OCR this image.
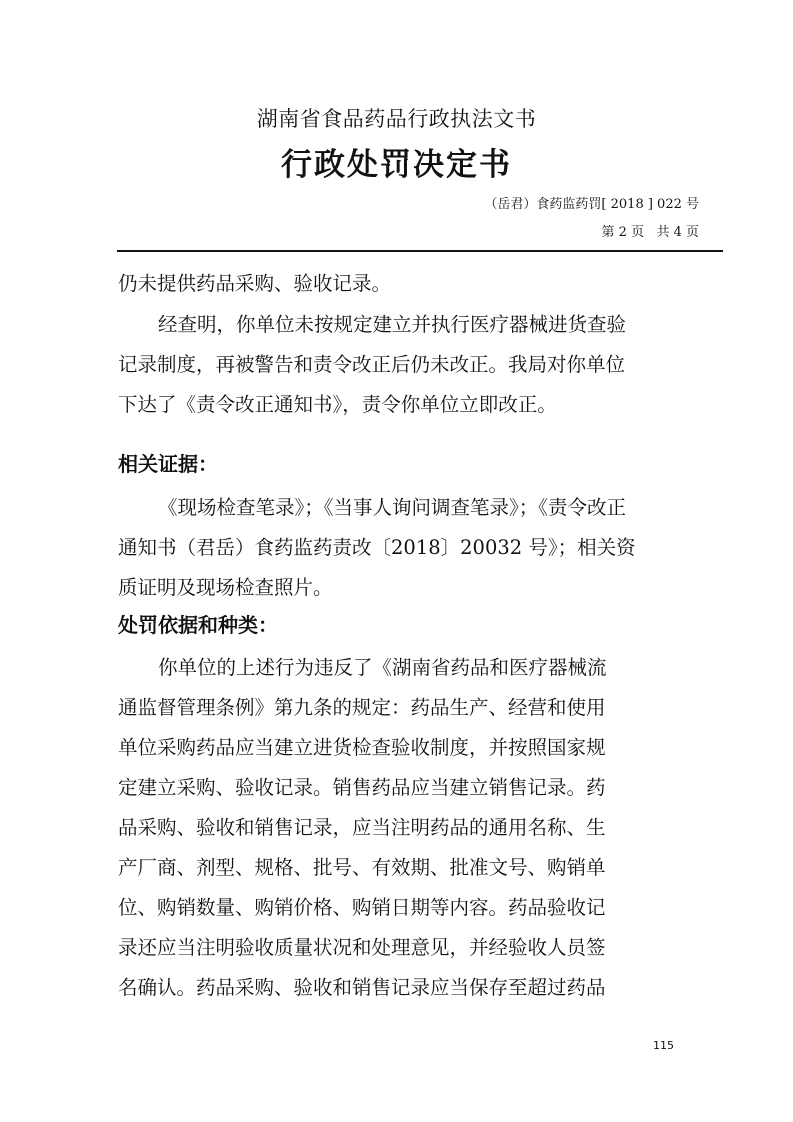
湖南省食品药品行政执法文书
行政处罚决定书
（岳君）食药监药罚[ 2018 ] 022 号
第 2 页   共 4 页
仍未提供药品采购、验收记录。
经查明，你单位未按规定建立并执行医疗器械进货查验
记录制度，再被警告和责令改正后仍未改正。我局对你单位
下达了《责令改正通知书》，责令你单位立即改正。
相关证据：
《现场检查笔录》；《当事人询问调查笔录》；《责令改正
通知书（君岳）食药监药责改〔2018〕20032 号》；相关资
质证明及现场检查照片。
处罚依据和种类：
你单位的上述行为违反了《湖南省药品和医疗器械流
通监督管理条例》第九条的规定：药品生产、经营和使用
单位采购药品应当建立进货检查验收制度，并按照国家规
定建立采购、验收记录。销售药品应当建立销售记录。药
品采购、验收和销售记录，应当注明药品的通用名称、生
产厂商、剂型、规格、批号、有效期、批准文号、购销单
位、购销数量、购销价格、购销日期等内容。药品验收记
录还应当注明验收质量状况和处理意见，并经验收人员签
名确认。药品采购、验收和销售记录应当保存至超过药品
115
